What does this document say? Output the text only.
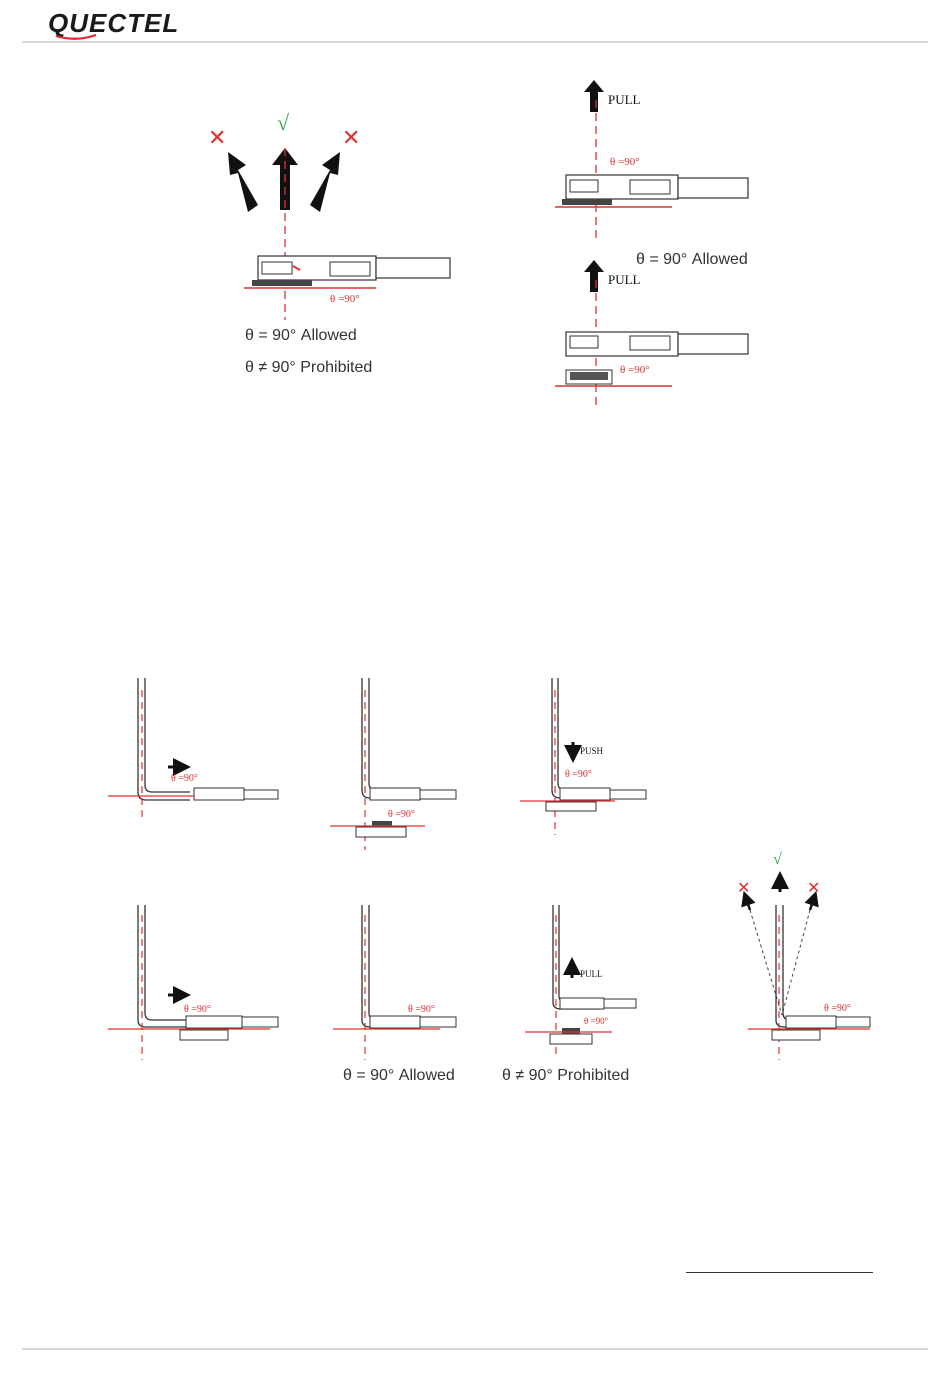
QUECTEL
✕	✕
√
θ =90°
PULL
θ =90°
PULL
θ =90°
θ =90°
θ =90°
PUSH
θ =90°
θ =90°	θ =90°
PULL
θ =90°
√
✕	✕
θ =90°
θ = 90° Allowed
θ ≠ 90° Prohibited
θ = 90° Allowed
θ = 90° Allowed	θ ≠ 90° Prohibited
